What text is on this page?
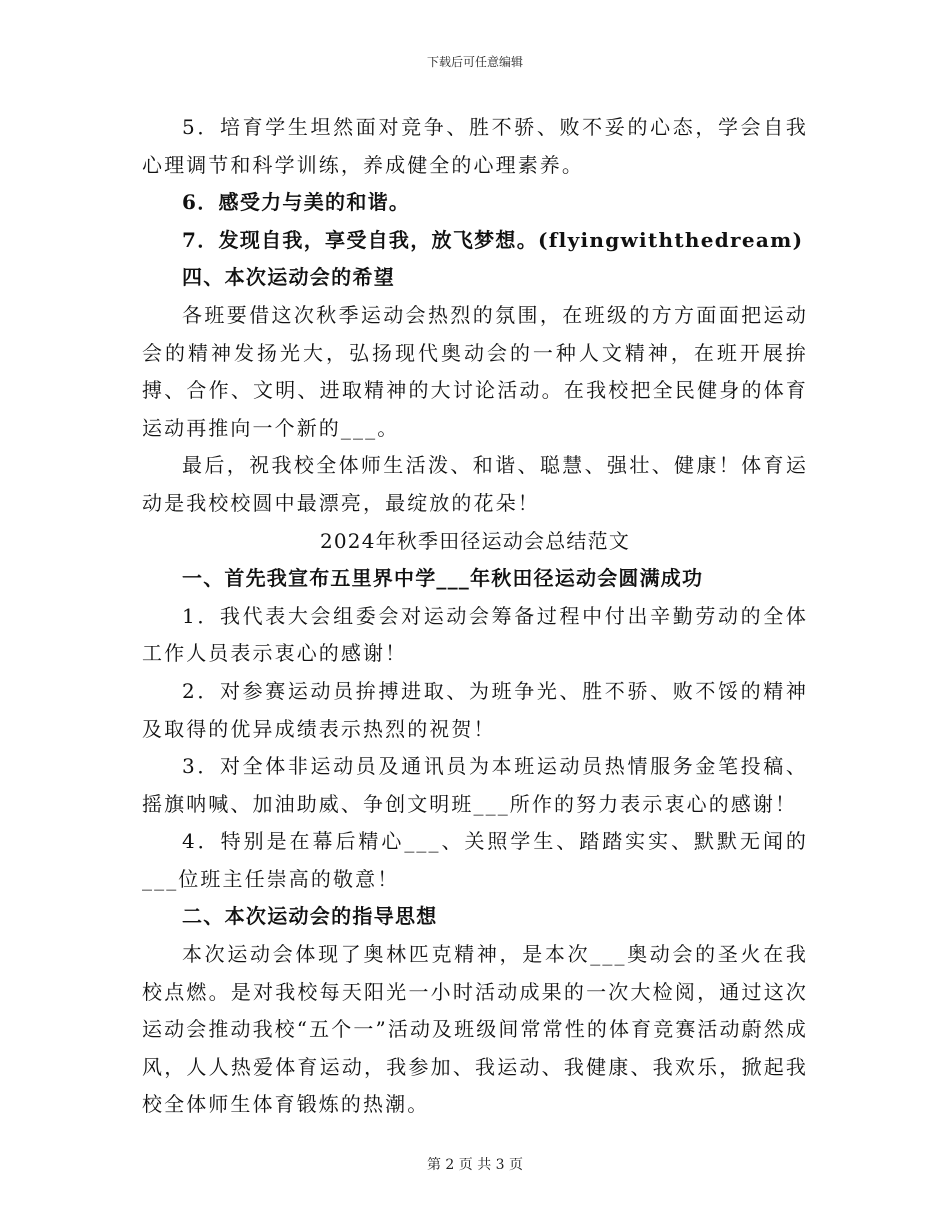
下载后可任意编辑

5．培育学生坦然面对竞争、胜不骄、败不妥的心态，学会自我心理调节和科学训练，养成健全的心理素养。

6．感受力与美的和谐。

7．发现自我，享受自我，放飞梦想。(flyingwiththedream)

四、本次运动会的希望

各班要借这次秋季运动会热烈的氛围，在班级的方方面面把运动会的精神发扬光大，弘扬现代奥动会的一种人文精神，在班开展拚搏、合作、文明、进取精神的大讨论活动。在我校把全民健身的体育运动再推向一个新的___。

最后，祝我校全体师生活泼、和谐、聪慧、强壮、健康！体育运动是我校校圆中最漂亮，最绽放的花朵！

2024年秋季田径运动会总结范文

一、首先我宣布五里界中学___年秋田径运动会圆满成功

1．我代表大会组委会对运动会筹备过程中付出辛勤劳动的全体工作人员表示衷心的感谢！

2．对参赛运动员拚搏进取、为班争光、胜不骄、败不馁的精神及取得的优异成绩表示热烈的祝贺！

3．对全体非运动员及通讯员为本班运动员热情服务金笔投稿、摇旗呐喊、加油助威、争创文明班___所作的努力表示衷心的感谢！

4．特别是在幕后精心___、关照学生、踏踏实实、默默无闻的___位班主任崇高的敬意！

二、本次运动会的指导思想

本次运动会体现了奥林匹克精神，是本次___奥动会的圣火在我校点燃。是对我校每天阳光一小时活动成果的一次大检阅，通过这次运动会推动我校“五个一”活动及班级间常常性的体育竞赛活动蔚然成风，人人热爱体育运动，我参加、我运动、我健康、我欢乐，掀起我校全体师生体育锻炼的热潮。

第 2 页 共 3 页
